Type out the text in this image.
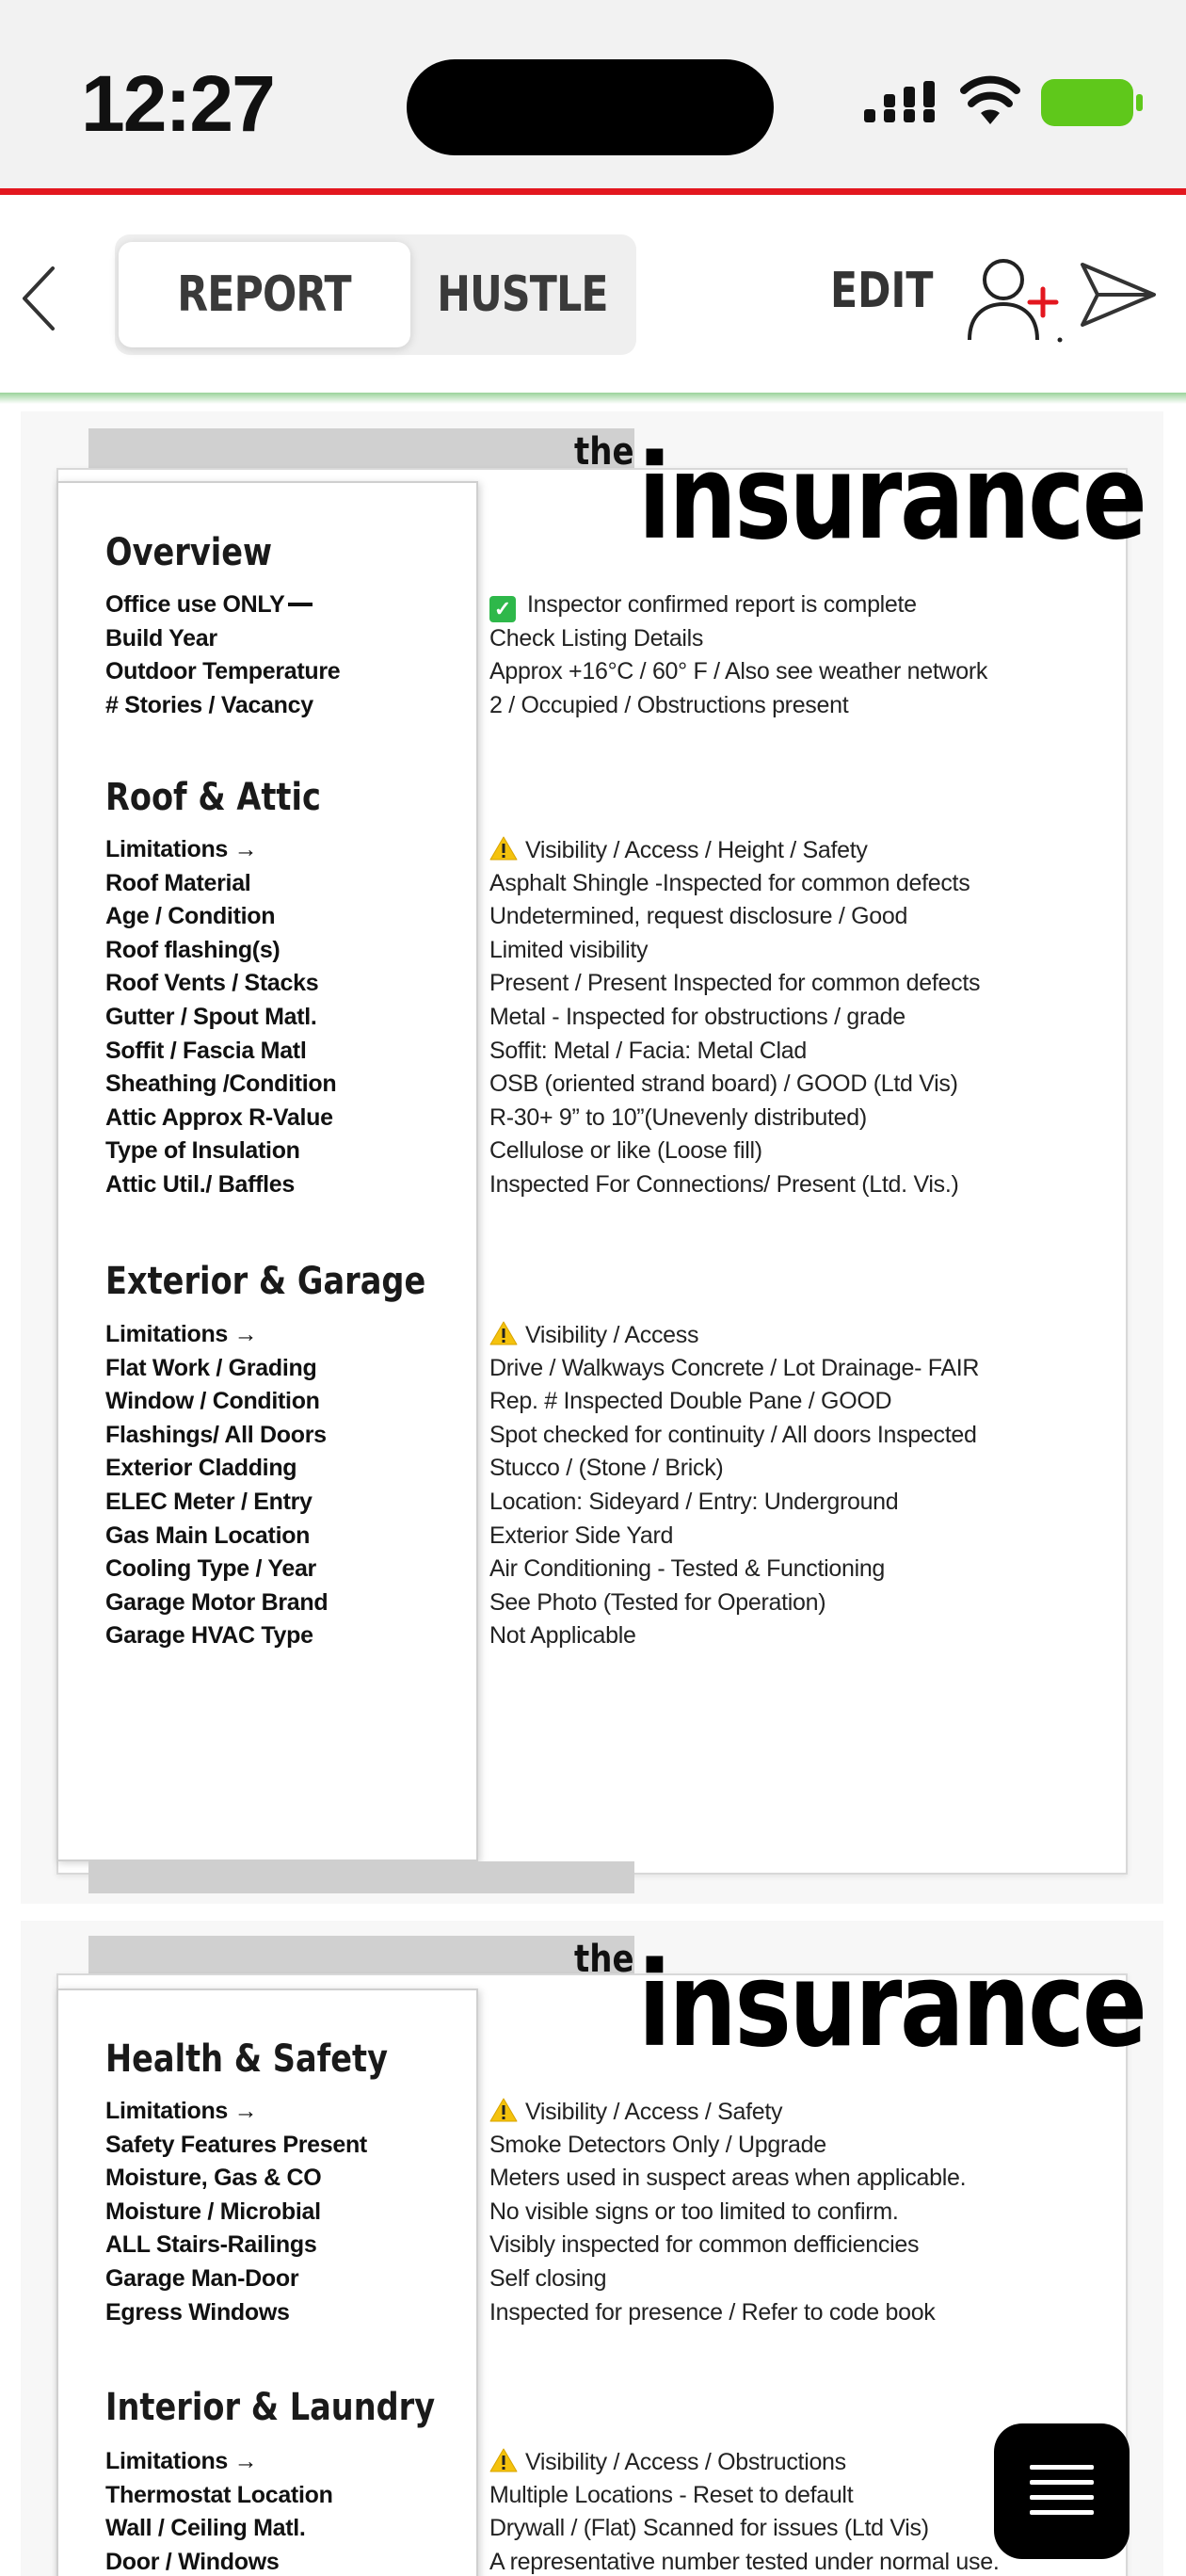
12:27
REPORT HUSTLE	EDIT
the insurance
the insurance
Overview
Office use ONLY	✓ Inspector confirmed report is complete
Build Year	Check Listing Details
Outdoor Temperature	Approx +16°C / 60° F / Also see weather network
# Stories / Vacancy	2 / Occupied / Obstructions present
Roof & Attic
Limitations →	Visibility / Access / Height / Safety
Roof Material	Asphalt Shingle -Inspected for common defects
Age / Condition	Undetermined, request disclosure / Good
Roof flashing(s)	Limited visibility
Roof Vents / Stacks	Present / Present Inspected for common defects
Gutter / Spout Matl.	Metal - Inspected for obstructions / grade
Soffit / Fascia Matl	Soffit: Metal / Facia: Metal Clad
Sheathing /Condition	OSB (oriented strand board) / GOOD (Ltd Vis)
Attic Approx R-Value	R-30+ 9” to 10”(Unevenly distributed)
Type of Insulation	Cellulose or like (Loose fill)
Attic Util./ Baffles	Inspected For Connections/ Present (Ltd. Vis.)
Exterior & Garage
Limitations →	Visibility / Access
Flat Work / Grading	Drive / Walkways Concrete / Lot Drainage- FAIR
Window / Condition	Rep. # Inspected Double Pane / GOOD
Flashings/ All Doors	Spot checked for continuity / All doors Inspected
Exterior Cladding	Stucco / (Stone / Brick)
ELEC Meter / Entry	Location: Sideyard / Entry: Underground
Gas Main Location	Exterior Side Yard
Cooling Type / Year	Air Conditioning - Tested & Functioning
Garage Motor Brand	See Photo (Tested for Operation)
Garage HVAC Type	Not Applicable
Health & Safety
Limitations →	Visibility / Access / Safety
Safety Features Present	Smoke Detectors Only / Upgrade
Moisture, Gas & CO	Meters used in suspect areas when applicable.
Moisture / Microbial	No visible signs or too limited to confirm.
ALL Stairs-Railings	Visibly inspected for common defficiencies
Garage Man-Door	Self closing
Egress Windows	Inspected for presence / Refer to code book
Interior & Laundry
Limitations →	Visibility / Access / Obstructions
Thermostat Location	Multiple Locations - Reset to default
Wall / Ceiling Matl.	Drywall / (Flat) Scanned for issues (Ltd Vis)
Door / Windows	A representative number tested under normal use.
